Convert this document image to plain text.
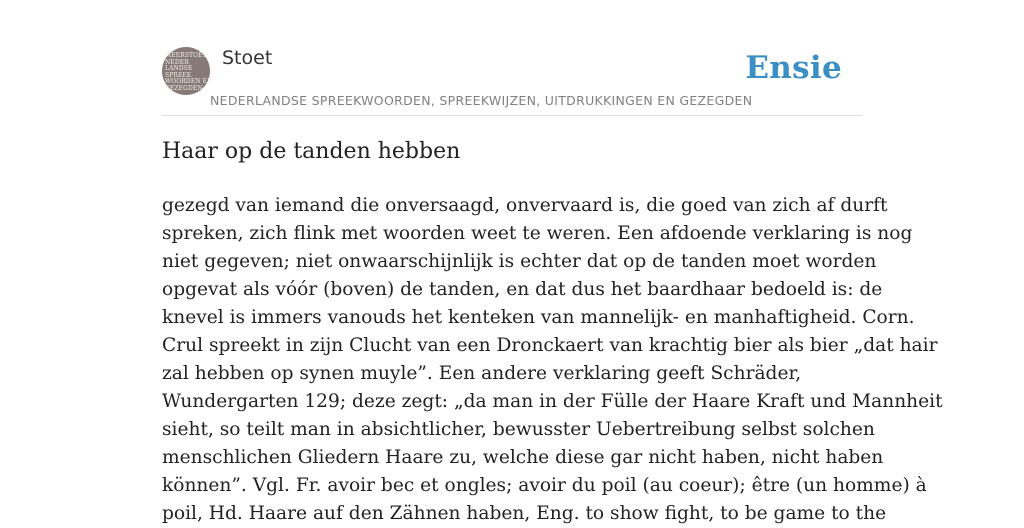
MEERSTOET
NEDER
LANDSE
SPREEK
WOORDEN EN
GEZEGDEN
Stoet	Ensie
NEDERLANDSE SPREEKWOORDEN, SPREEKWIJZEN, UITDRUKKINGEN EN GEZEGDEN
Haar op de tanden hebben
gezegd van iemand die onversaagd, onvervaard is, die goed van zich af durft
spreken, zich flink met woorden weet te weren. Een afdoende verklaring is nog
niet gegeven; niet onwaarschijnlijk is echter dat op de tanden moet worden
opgevat als vóór (boven) de tanden, en dat dus het baardhaar bedoeld is: de
knevel is immers vanouds het kenteken van mannelijk- en manhaftigheid. Corn.
Crul spreekt in zijn Clucht van een Dronckaert van krachtig bier als bier „dat hair
zal hebben op synen muyle”. Een andere verklaring geeft Schräder,
Wundergarten 129; deze zegt: „da man in der Fülle der Haare Kraft und Mannheit
sieht, so teilt man in absichtlicher, bewusster Uebertreibung selbst solchen
menschlichen Gliedern Haare zu, welche diese gar nicht haben, nicht haben
können”. Vgl. Fr. avoir bec et ongles; avoir du poil (au coeur); être (un homme) à
poil, Hd. Haare auf den Zähnen haben, Eng. to show fight, to be game to the
